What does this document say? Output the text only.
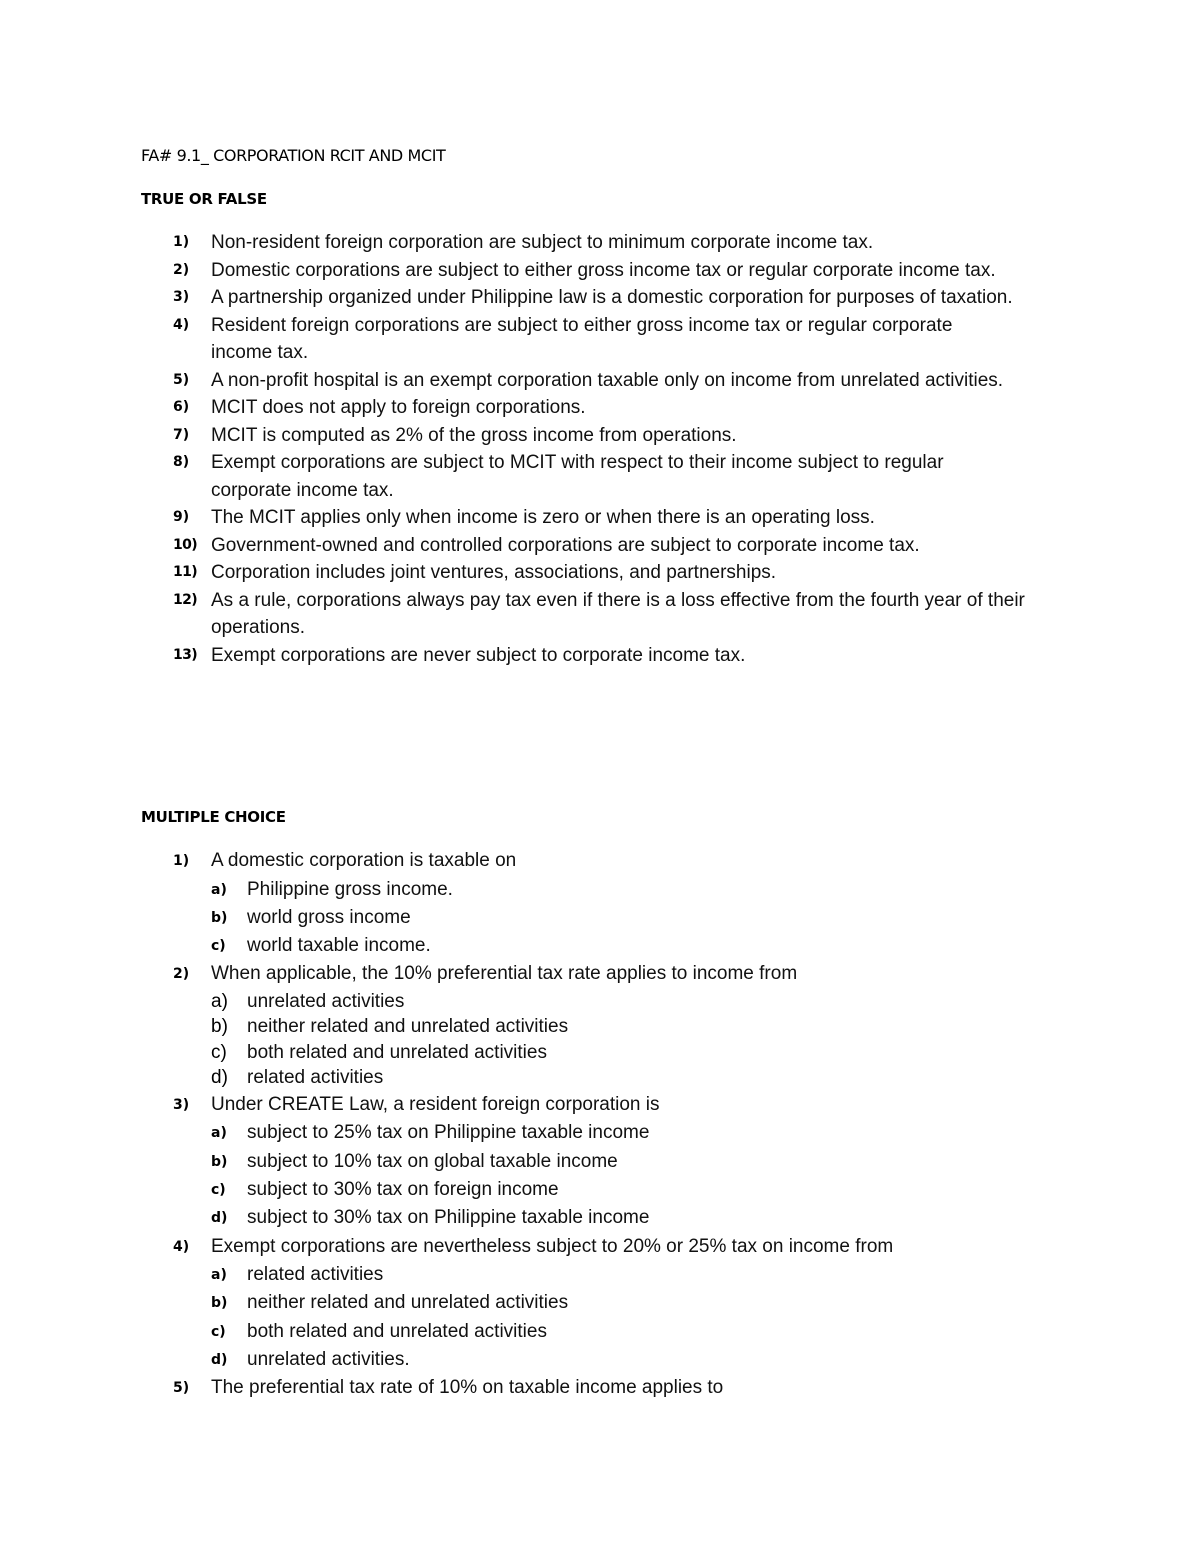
FA# 9.1_ CORPORATION RCIT AND MCIT
TRUE OR FALSE
1)	Non-resident foreign corporation are subject to minimum corporate income tax.
2)	Domestic corporations are subject to either gross income tax or regular corporate income tax.
3)	A partnership organized under Philippine law is a domestic corporation for purposes of taxation.
4)	Resident foreign corporations are subject to either gross income tax or regular corporate income tax.
5)	A non-profit hospital is an exempt corporation taxable only on income from unrelated activities.
6)	MCIT does not apply to foreign corporations.
7)	MCIT is computed as 2% of the gross income from operations.
8)	Exempt corporations are subject to MCIT with respect to their income subject to regular corporate income tax.
9)	The MCIT applies only when income is zero or when there is an operating loss.
10) Government-owned and controlled corporations are subject to corporate income tax.
11) Corporation includes joint ventures, associations, and partnerships.
12) As a rule, corporations always pay tax even if there is a loss effective from the fourth year of their operations.
13) Exempt corporations are never subject to corporate income tax.
MULTIPLE CHOICE
1)	A domestic corporation is taxable on
a)	Philippine gross income.
b)	world gross income
c)	world taxable income.
2)	When applicable, the 10% preferential tax rate applies to income from
a)	unrelated activities
b)	neither related and unrelated activities
c)	both related and unrelated activities
d)	related activities
3)	Under CREATE Law, a resident foreign corporation is
a)	subject to 25% tax on Philippine taxable income
b)	subject to 10% tax on global taxable income
c)	subject to 30% tax on foreign income
d)	subject to 30% tax on Philippine taxable income
4)	Exempt corporations are nevertheless subject to 20% or 25% tax on income from
a)	related activities
b)	neither related and unrelated activities
c)	both related and unrelated activities
d)	unrelated activities.
5)	The preferential tax rate of 10% on taxable income applies to
